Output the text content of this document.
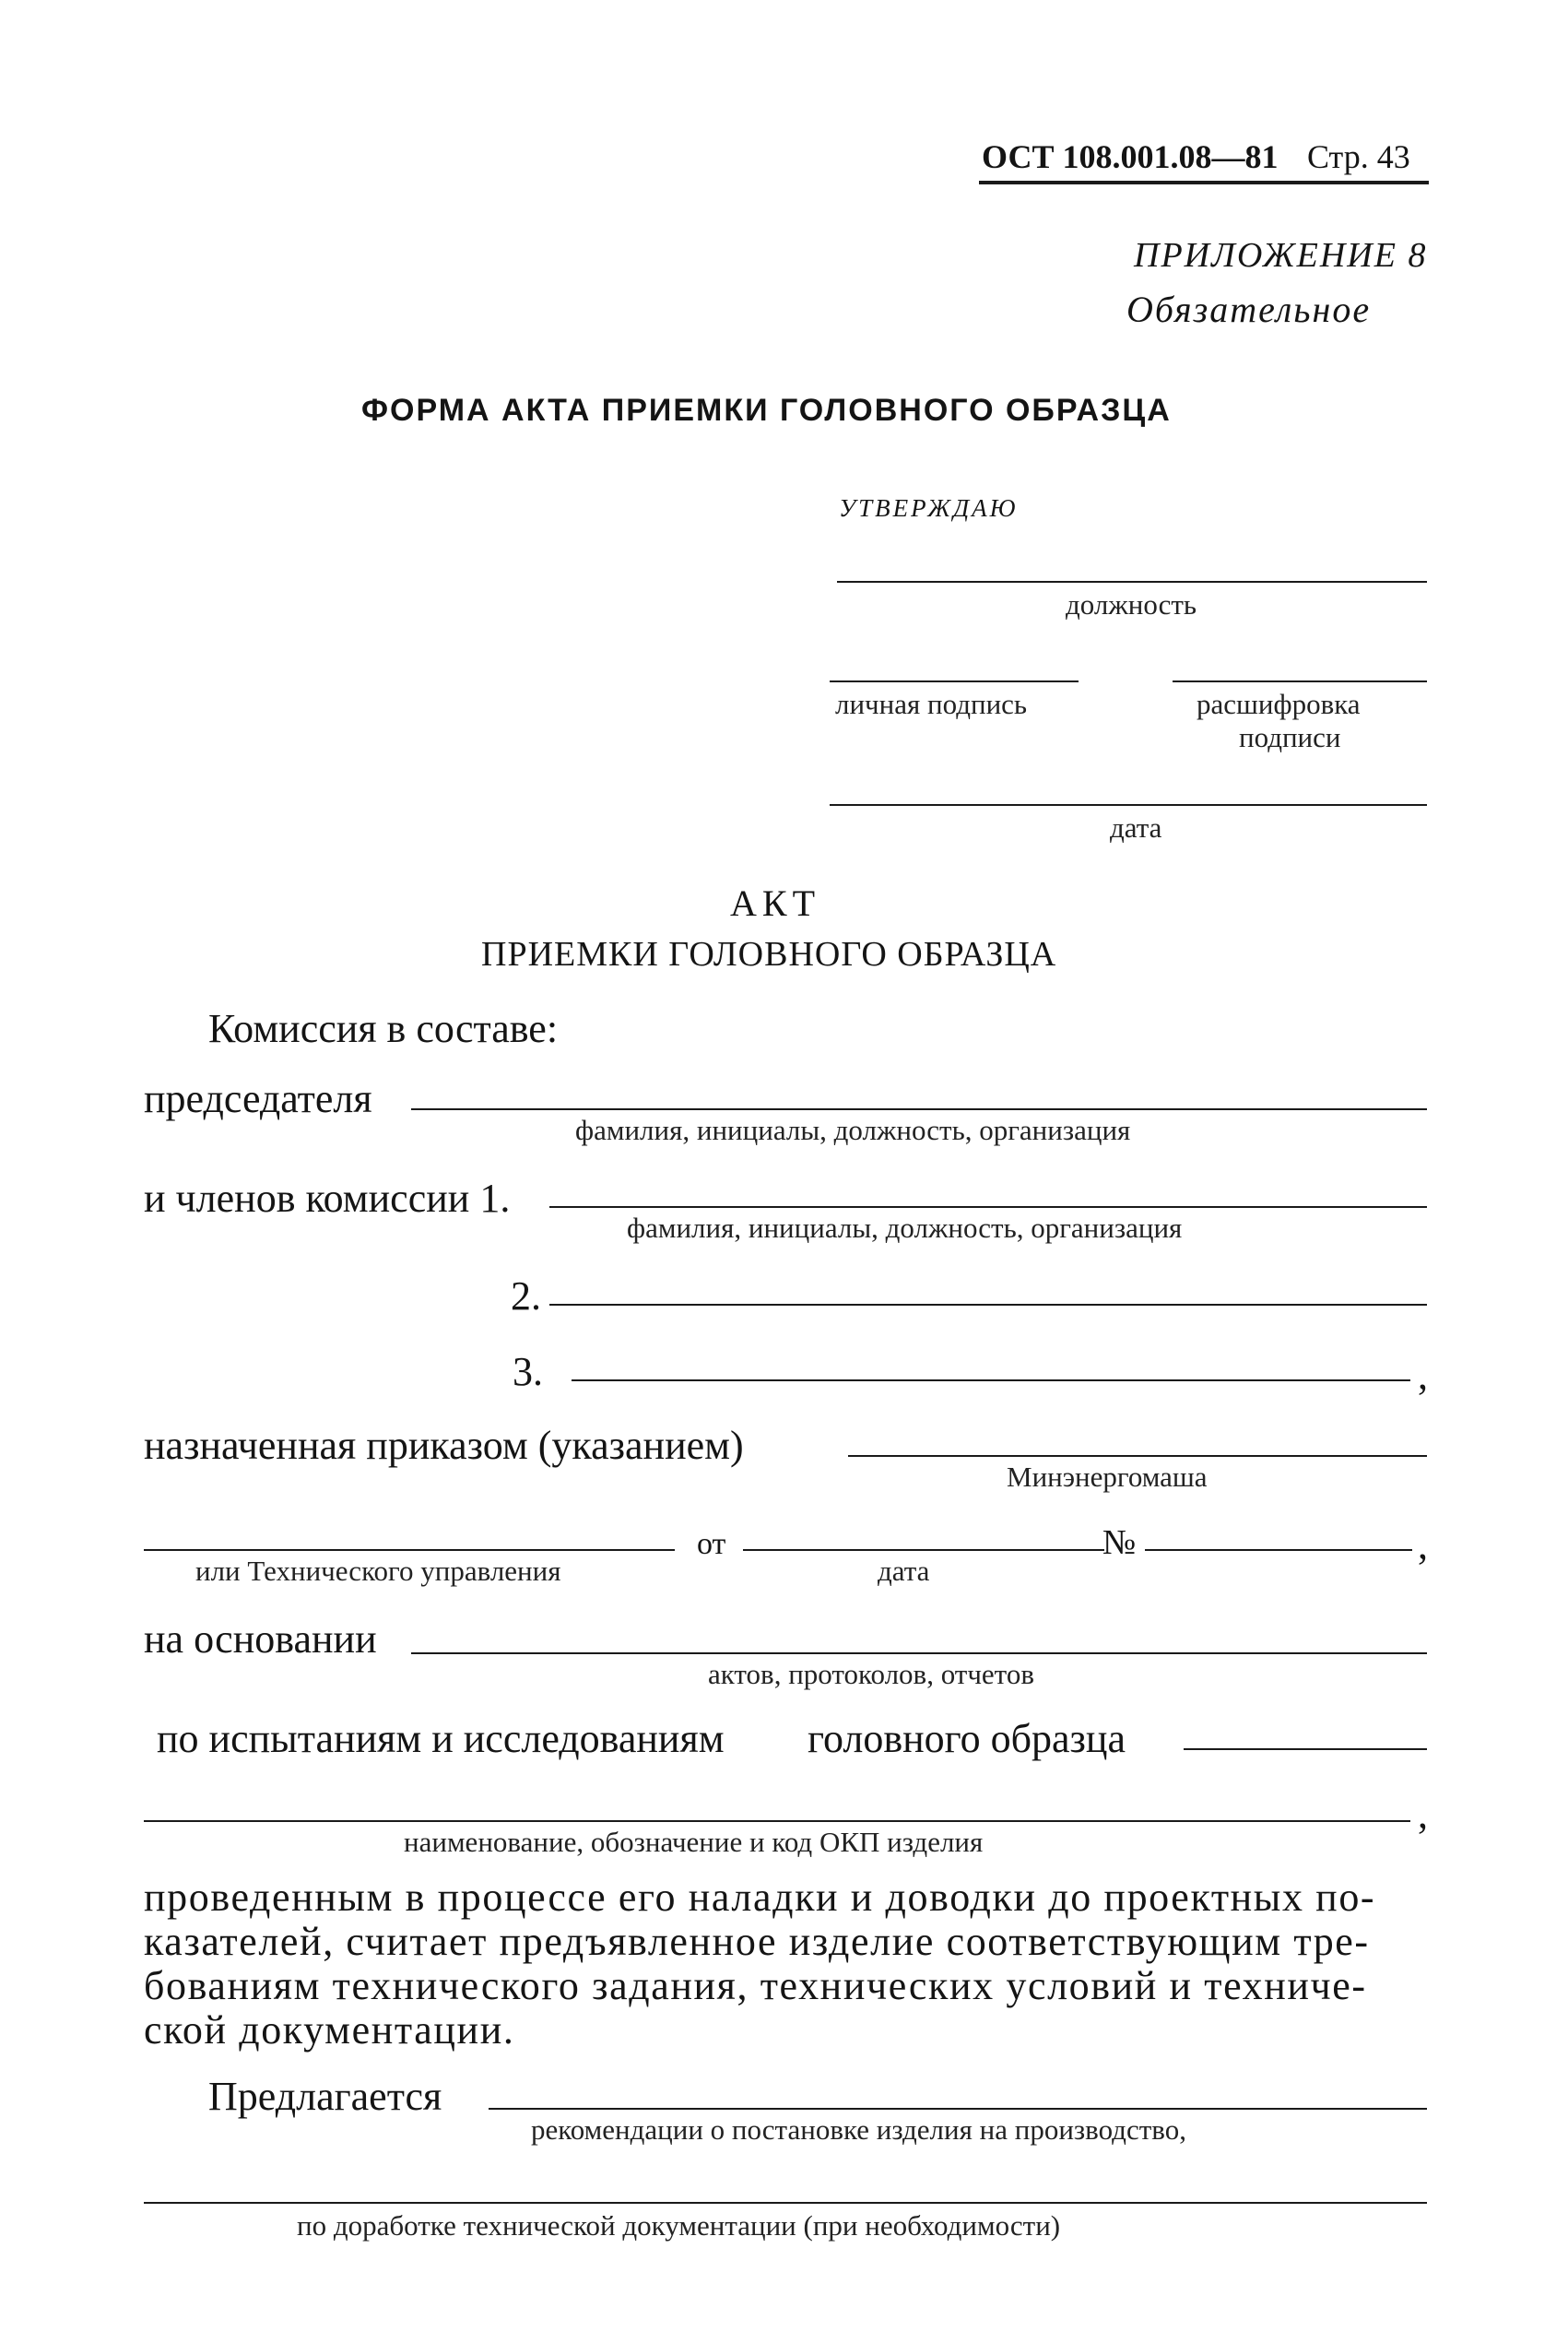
ОСТ 108.001.08—81 Стр. 43
ПРИЛОЖЕНИЕ 8
Обязательное
ФОРМА АКТА ПРИЕМКИ ГОЛОВНОГО ОБРАЗЦА
УТВЕРЖДАЮ
должность
личная подпись	расшифровка
подписи
дата
АКТ
ПРИЕМКИ ГОЛОВНОГО ОБРАЗЦА
Комиссия в составе:
председателя
фамилия, инициалы, должность, организация
и членов комиссии 1.
фамилия, инициалы, должность, организация
2.
3.	,
назначенная приказом (указанием)
Минэнергомаша
от	№	,
или Технического управления	дата
на основании
актов, протоколов, отчетов
по испытаниям и исследованиям головного образца
,
наименование, обозначение и код ОКП изделия
проведенным в процессе его наладки и доводки до проектных по-
казателей, считает предъявленное изделие соответствующим тре-
бованиям технического задания, технических условий и техниче-
ской документации.
Предлагается
рекомендации о постановке изделия на производство,
по доработке технической документации (при необходимости)
